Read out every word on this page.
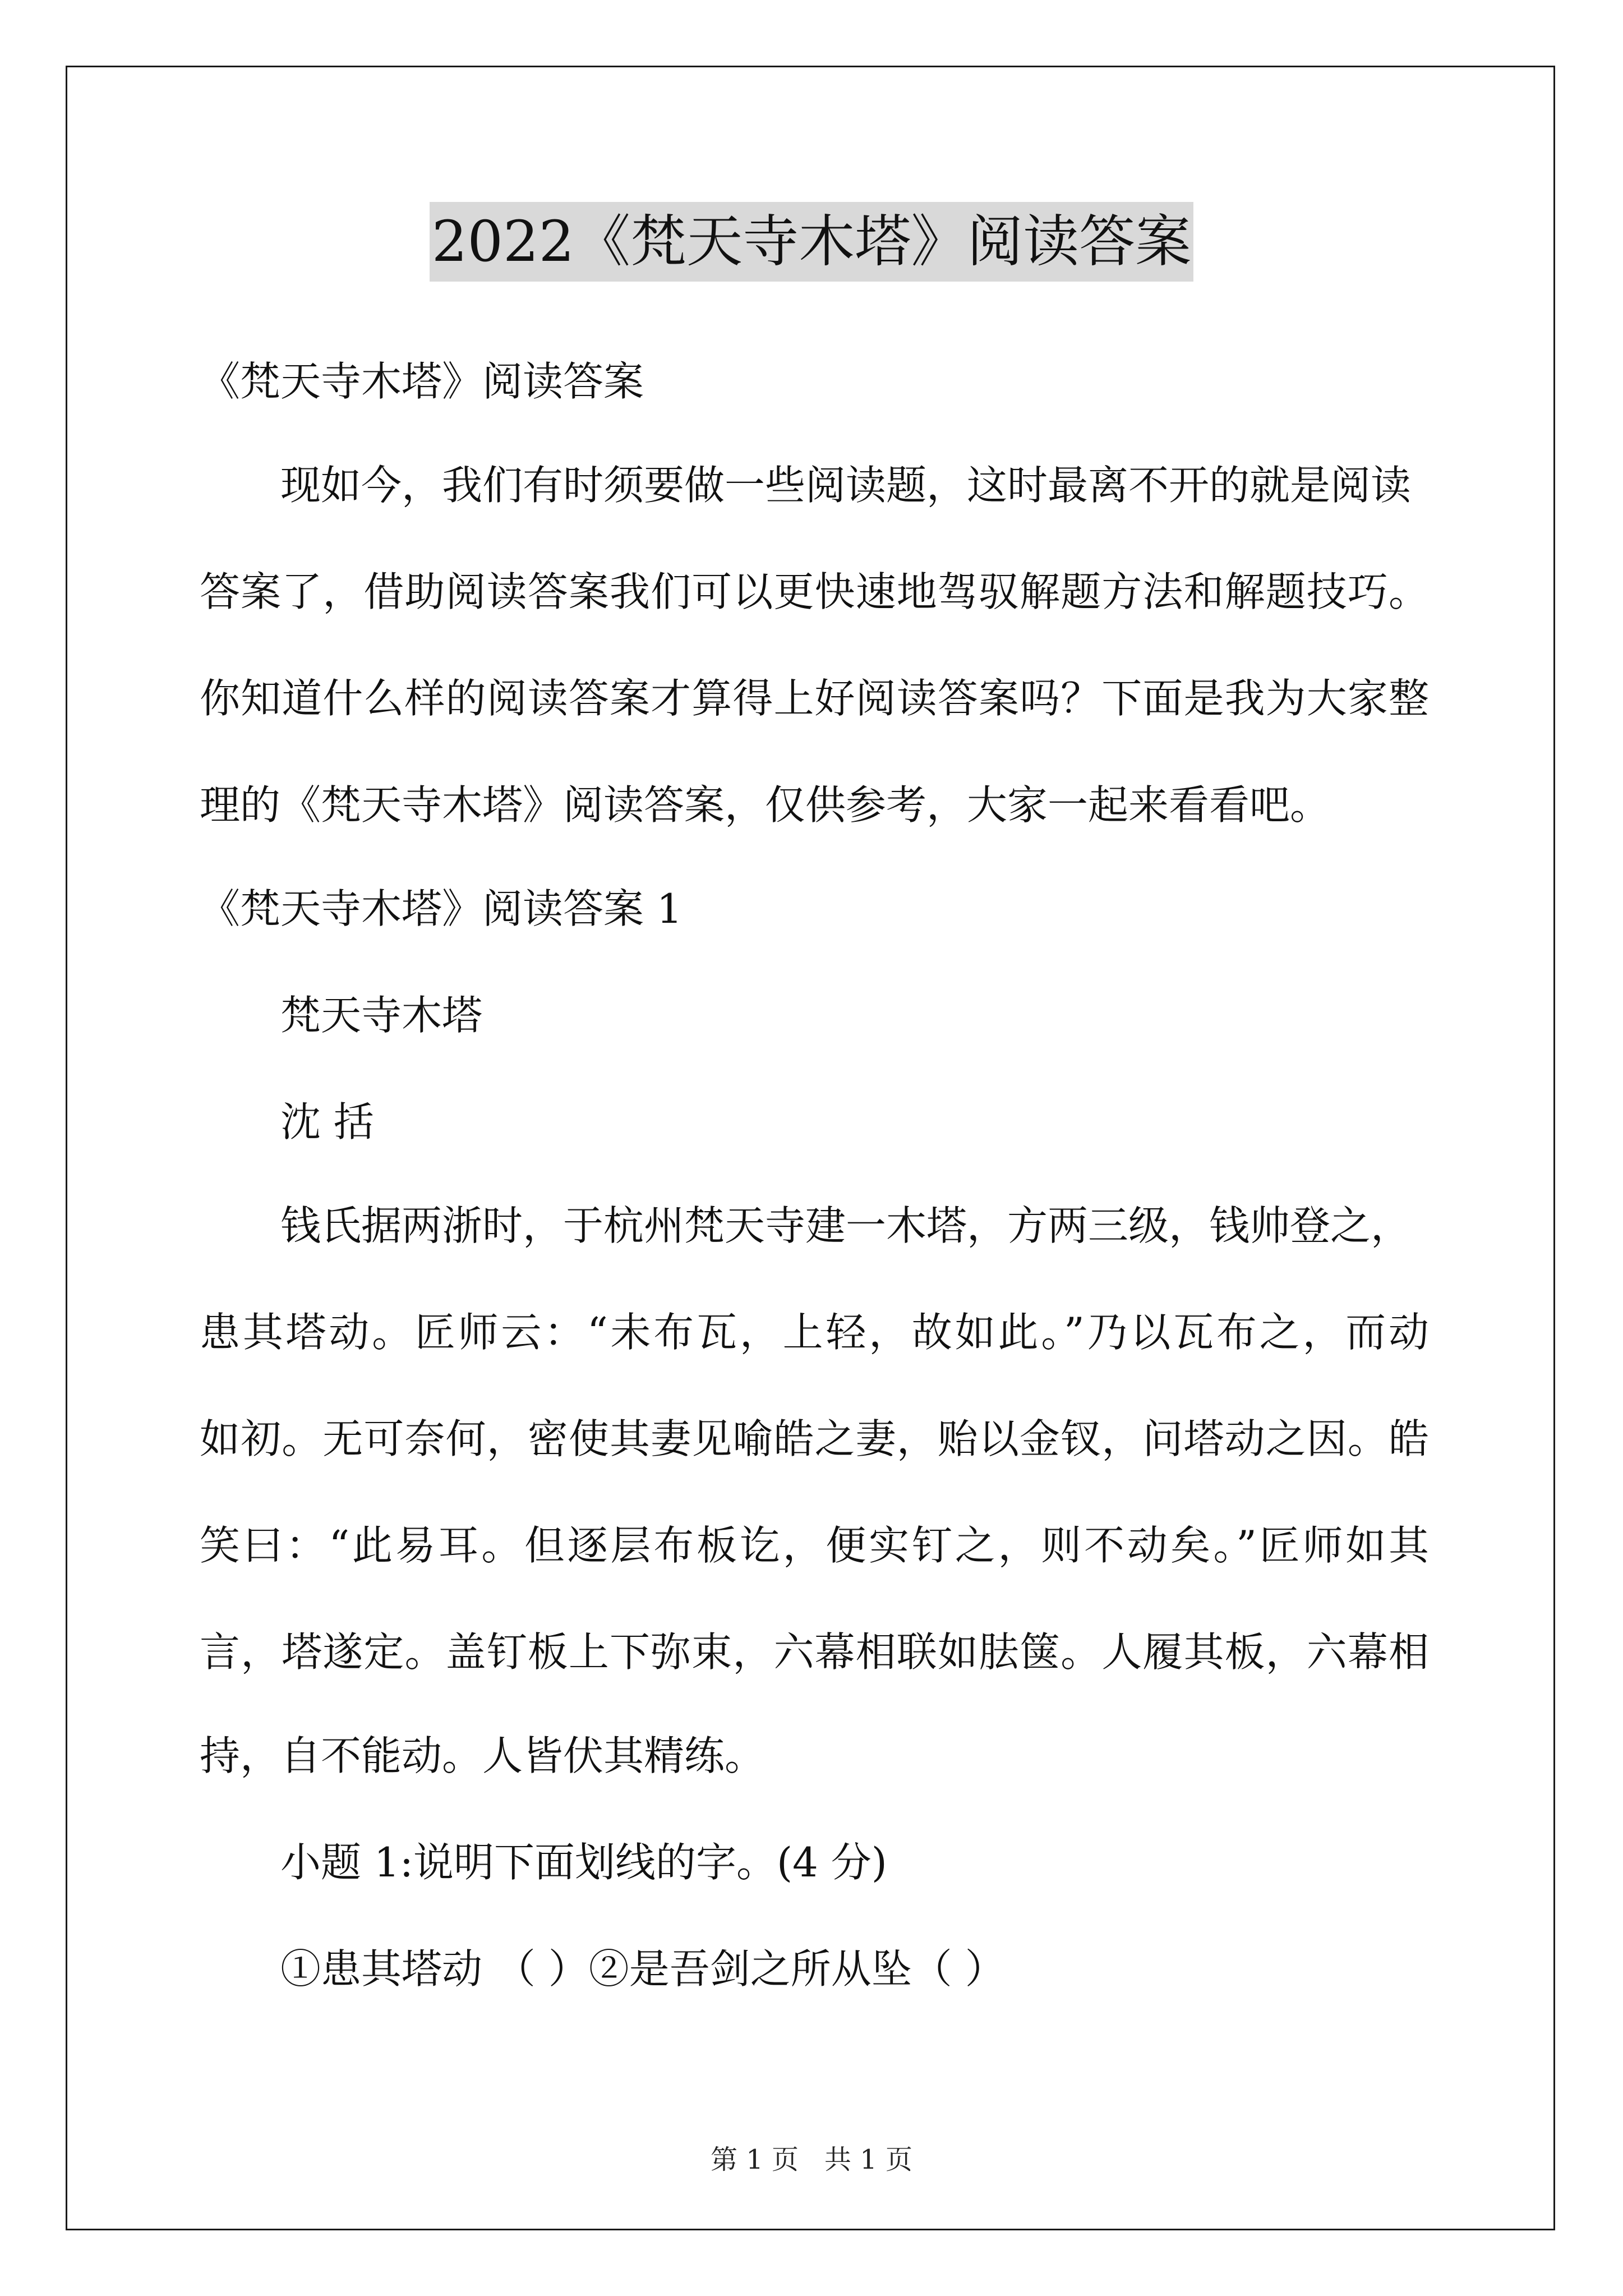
2022《梵天寺木塔》阅读答案
《梵天寺木塔》阅读答案
现如今，我们有时须要做一些阅读题，这时最离不开的就是阅读
答案了，借助阅读答案我们可以更快速地驾驭解题方法和解题技巧。
你知道什么样的阅读答案才算得上好阅读答案吗？下面是我为大家整
理的《梵天寺木塔》阅读答案，仅供参考，大家一起来看看吧。
《梵天寺木塔》阅读答案 1
梵天寺木塔
沈 括
钱氏据两浙时，于杭州梵天寺建一木塔，方两三级，钱帅登之，
患其塔动。匠师云：“未布瓦，上轻，故如此。”乃以瓦布之，而动
如初。无可奈何，密使其妻见喻皓之妻，贻以金钗，问塔动之因。皓
笑曰：“此易耳。但逐层布板讫，便实钉之，则不动矣。”匠师如其
言，塔遂定。盖钉板上下弥束，六幕相联如胠箧。人履其板，六幕相
持，自不能动。人皆伏其精练。
小题 1:说明下面划线的字。(4 分)
①患其塔动 （ ）②是吾剑之所从坠（ ）
第 1 页 共 1 页
